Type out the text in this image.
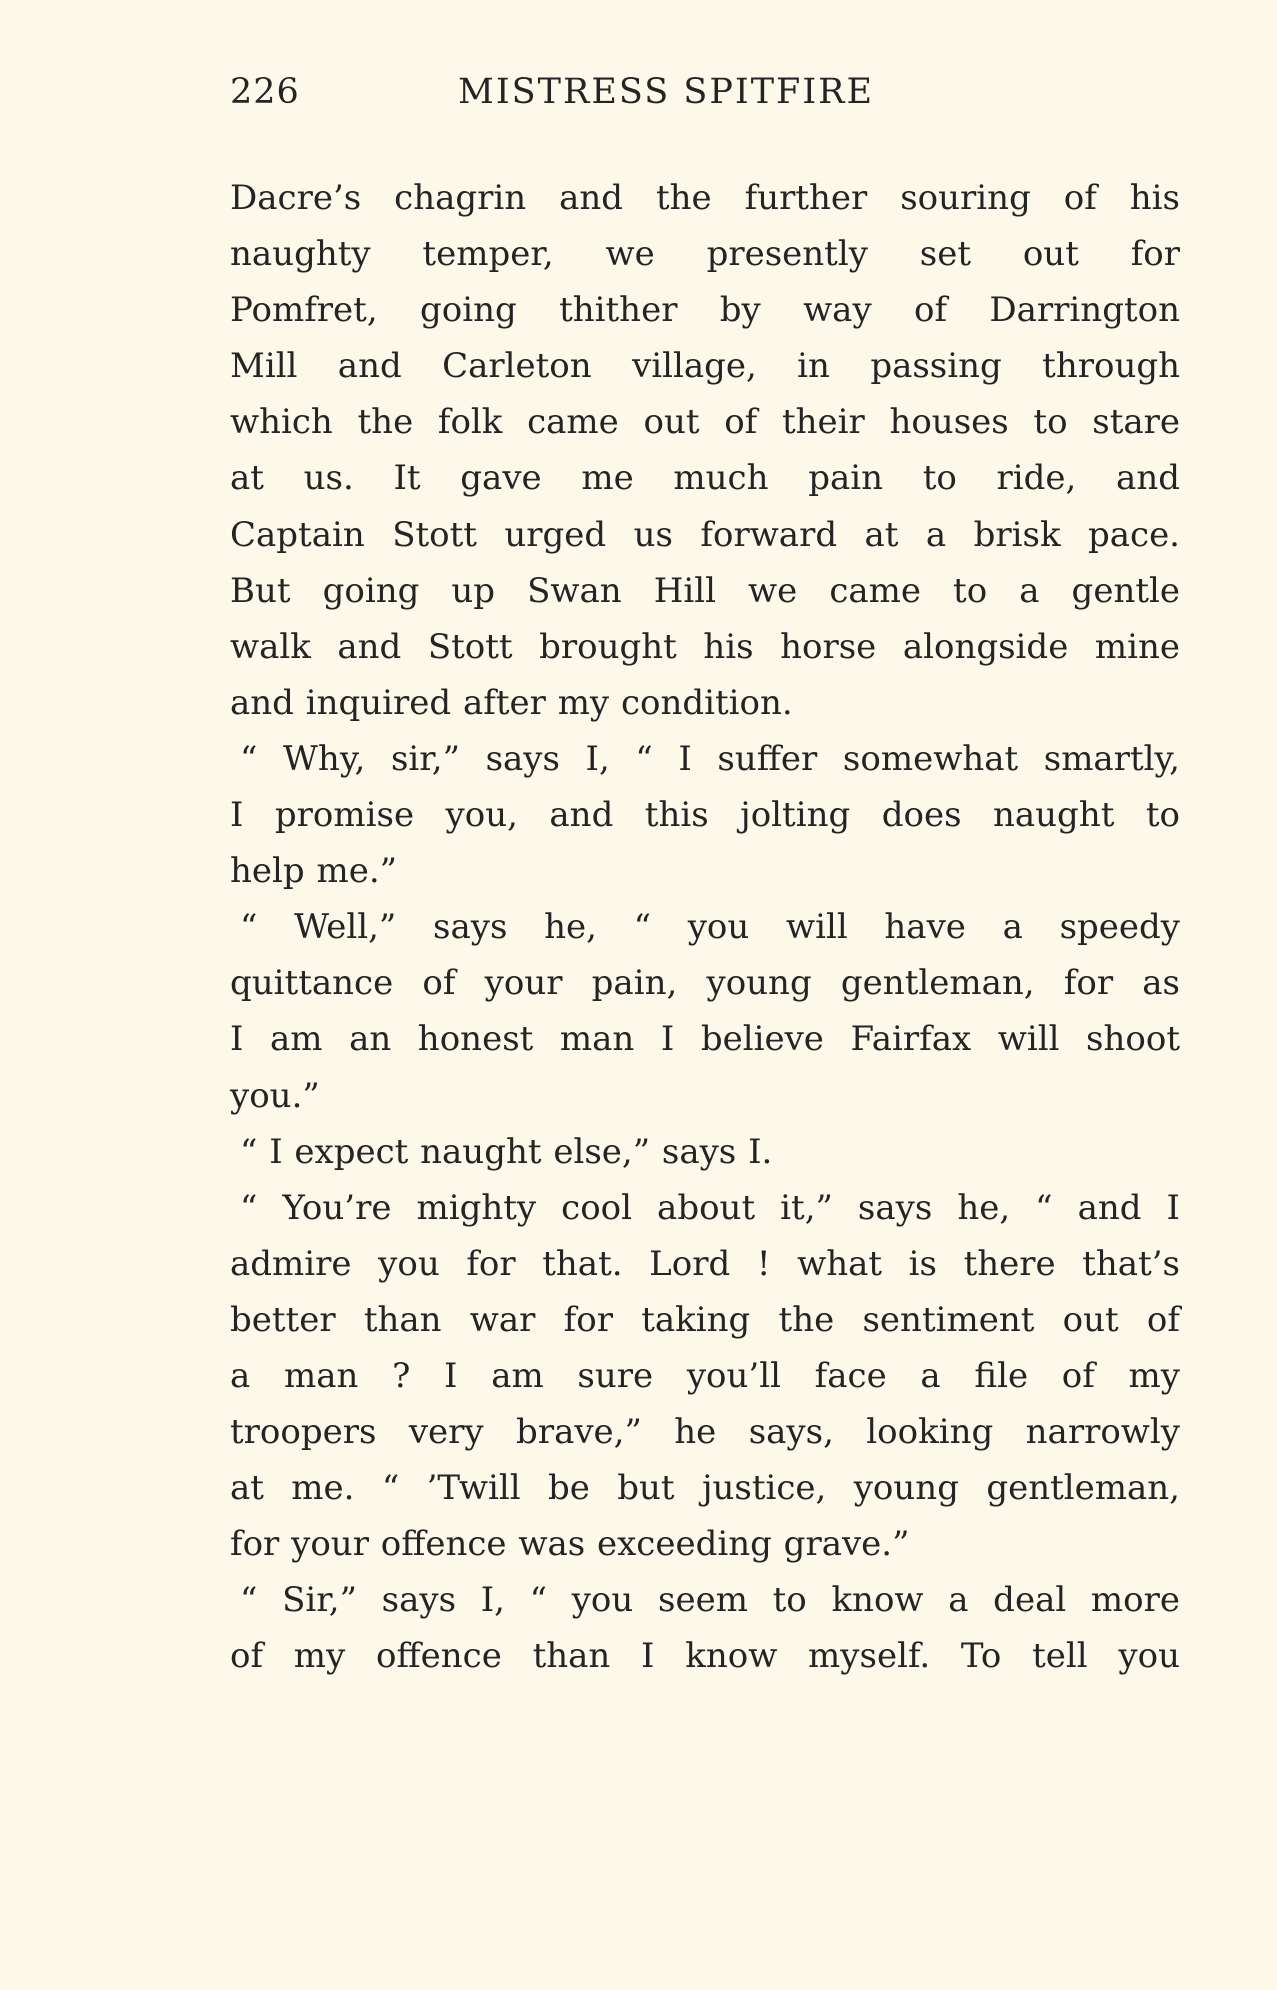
226	MISTRESS SPITFIRE
Dacre’s chagrin and the further souring of his
naughty temper, we presently set out for
Pomfret, going thither by way of Darrington
Mill and Carleton village, in passing through
which the folk came out of their houses to stare
at us. It gave me much pain to ride, and
Captain Stott urged us forward at a brisk pace.
But going up Swan Hill we came to a gentle
walk and Stott brought his horse alongside mine
and inquired after my condition.
“ Why, sir,” says I, “ I suffer somewhat smartly,
I promise you, and this jolting does naught to
help me.”
“ Well,” says he, “ you will have a speedy
quittance of your pain, young gentleman, for as
I am an honest man I believe Fairfax will shoot
you.”
“ I expect naught else,” says I.
“ You’re mighty cool about it,” says he, “ and I
admire you for that. Lord ! what is there that’s
better than war for taking the sentiment out of
a man ? I am sure you’ll face a file of my
troopers very brave,” he says, looking narrowly
at me. “ ’Twill be but justice, young gentleman,
for your offence was exceeding grave.”
“ Sir,” says I, “ you seem to know a deal more
of my offence than I know myself. To tell you
